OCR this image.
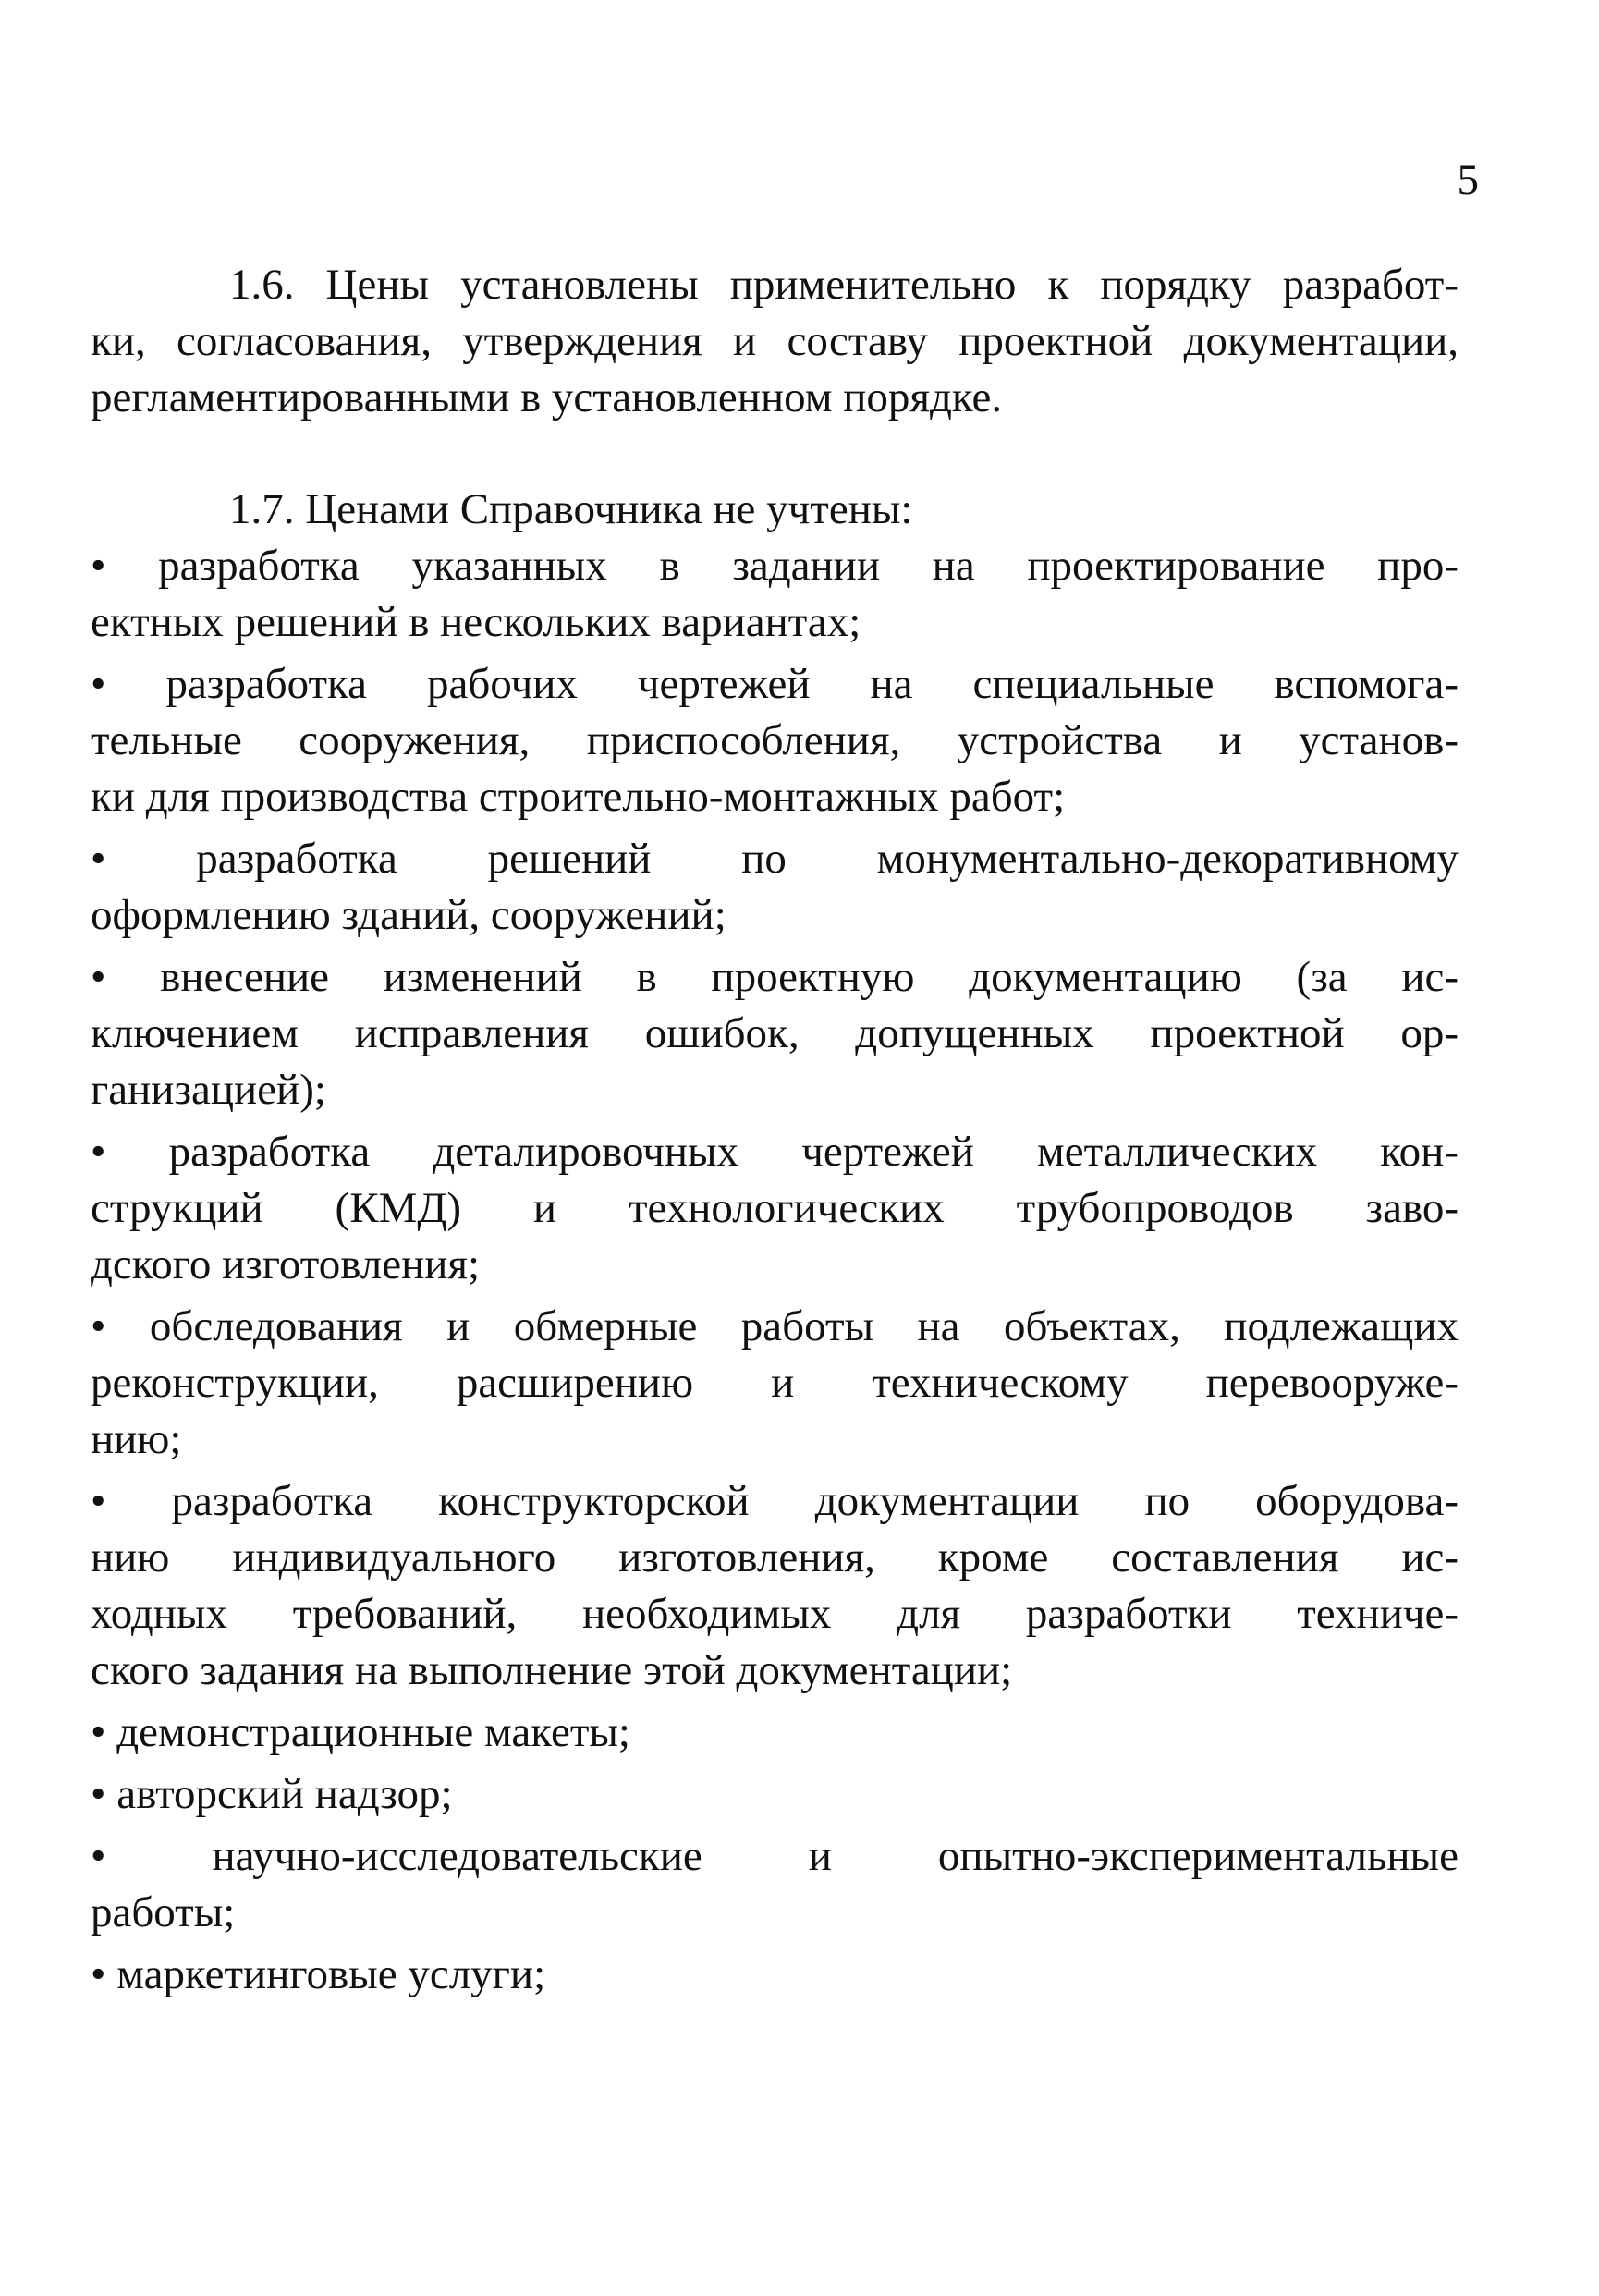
5
1.6. Цены установлены применительно к порядку разработ-
ки, согласования, утверждения и составу проектной документации,
регламентированными в установленном порядке.
1.7. Ценами Справочника не учтены:
• разработка указанных в задании на проектирование про-
ектных решений в нескольких вариантах;
• разработка рабочих чертежей на специальные вспомога-
тельные сооружения, приспособления, устройства и установ-
ки для производства строительно-монтажных работ;
• разработка решений по монументально-декоративному
оформлению зданий, сооружений;
• внесение изменений в проектную документацию (за ис-
ключением исправления ошибок, допущенных проектной ор-
ганизацией);
• разработка деталировочных чертежей металлических кон-
струкций (КМД) и технологических трубопроводов заво-
дского изготовления;
• обследования и обмерные работы на объектах, подлежащих
реконструкции, расширению и техническому перевооруже-
нию;
• разработка конструкторской документации по оборудова-
нию индивидуального изготовления, кроме составления ис-
ходных требований, необходимых для разработки техниче-
ского задания на выполнение этой документации;
• демонстрационные макеты;
• авторский надзор;
• научно-исследовательские и опытно-экспериментальные
работы;
• маркетинговые услуги;
